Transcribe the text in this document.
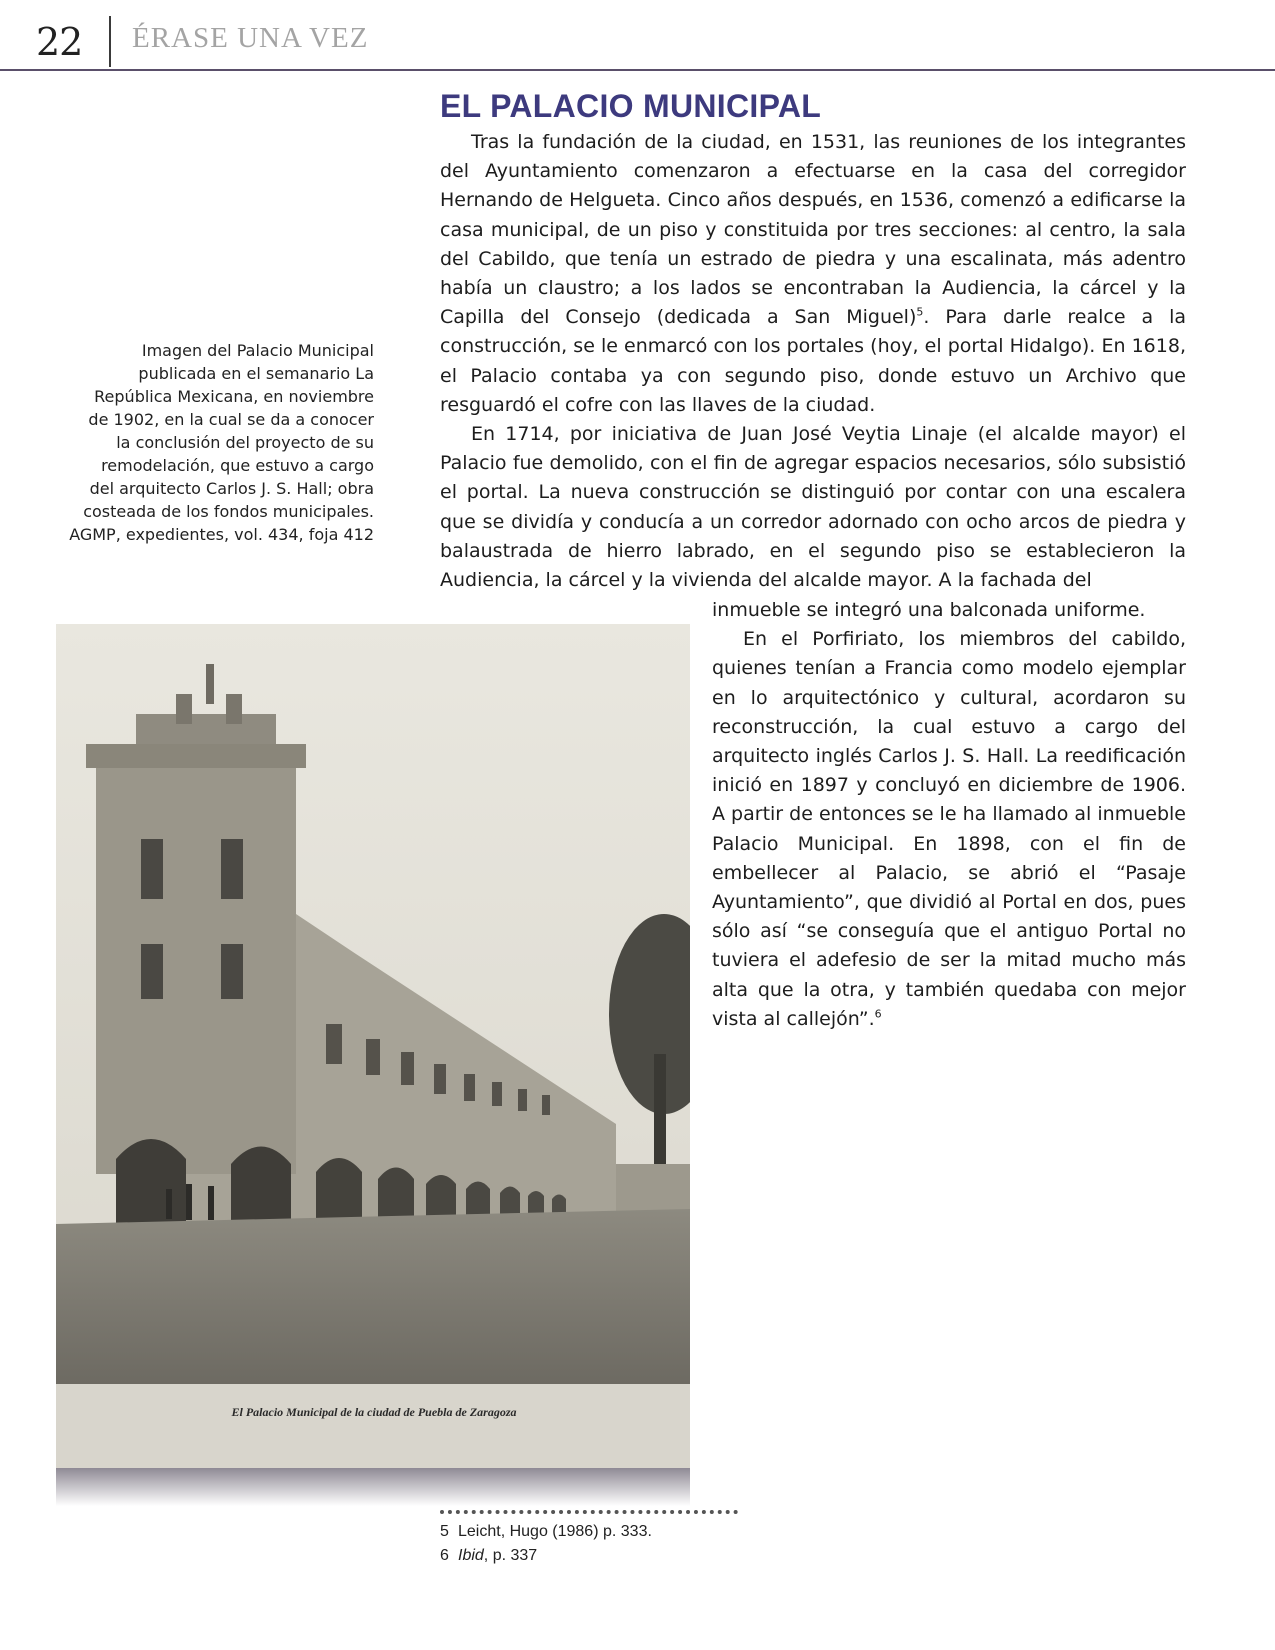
22 ÉRASE UNA VEZ
EL PALACIO MUNICIPAL

Tras la fundación de la ciudad, en 1531, las reuniones de los integrantes del Ayuntamiento comenzaron a efectuarse en la casa del corregidor Hernando de Helgueta. Cinco años después, en 1536, comenzó a edificarse la casa municipal, de un piso y constituida por tres secciones: al centro, la sala del Cabildo, que tenía un estrado de piedra y una escalinata, más adentro había un claustro; a los lados se encontraban la Audiencia, la cárcel y la Capilla del Consejo (dedicada a San Miguel)$^5$. Para darle realce a la construcción, se le enmarcó con los portales (hoy, el portal Hidalgo). En 1618, el Palacio contaba ya con segundo piso, donde estuvo un Archivo que resguardó el cofre con las llaves de la ciudad.

En 1714, por iniciativa de Juan José Veytia Linaje (el alcalde mayor) el Palacio fue demolido, con el fin de agregar espacios necesarios, sólo subsistió el portal. La nueva construcción se distinguió por contar con una escalera que se dividía y conducía a un corredor adornado con ocho arcos de piedra y balaustrada de hierro labrado, en el segundo piso se establecieron la Audiencia, la cárcel y la vivienda del alcalde mayor. A la fachada del

inmueble se integró una balconada uniforme.

En el Porfiriato, los miembros del cabildo, quienes tenían a Francia como modelo ejemplar en lo arquitectónico y cultural, acordaron su reconstrucción, la cual estuvo a cargo del arquitecto inglés Carlos J. S. Hall. La reedificación inició en 1897 y concluyó en diciembre de 1906. A partir de entonces se le ha llamado al inmueble Palacio Municipal. En 1898, con el fin de embellecer al Palacio, se abrió el “Pasaje Ayuntamiento”, que dividió al Portal en dos, pues sólo así “se conseguía que el antiguo Portal no tuviera el adefesio de ser la mitad mucho más alta que la otra, y también quedaba con mejor vista al callejón”.$^6$

Imagen del Palacio Municipal
publicada en el semanario La
República Mexicana, en noviembre
de 1902, en la cual se da a conocer
la conclusión del proyecto de su
remodelación, que estuvo a cargo
del arquitecto Carlos J. S. Hall; obra
costeada de los fondos municipales.
AGMP, expedientes, vol. 434, foja 412
El Palacio Municipal de la ciudad de Puebla de Zaragoza
5 Leicht, Hugo (1986) p. 333.
6 Ibid, p. 337
